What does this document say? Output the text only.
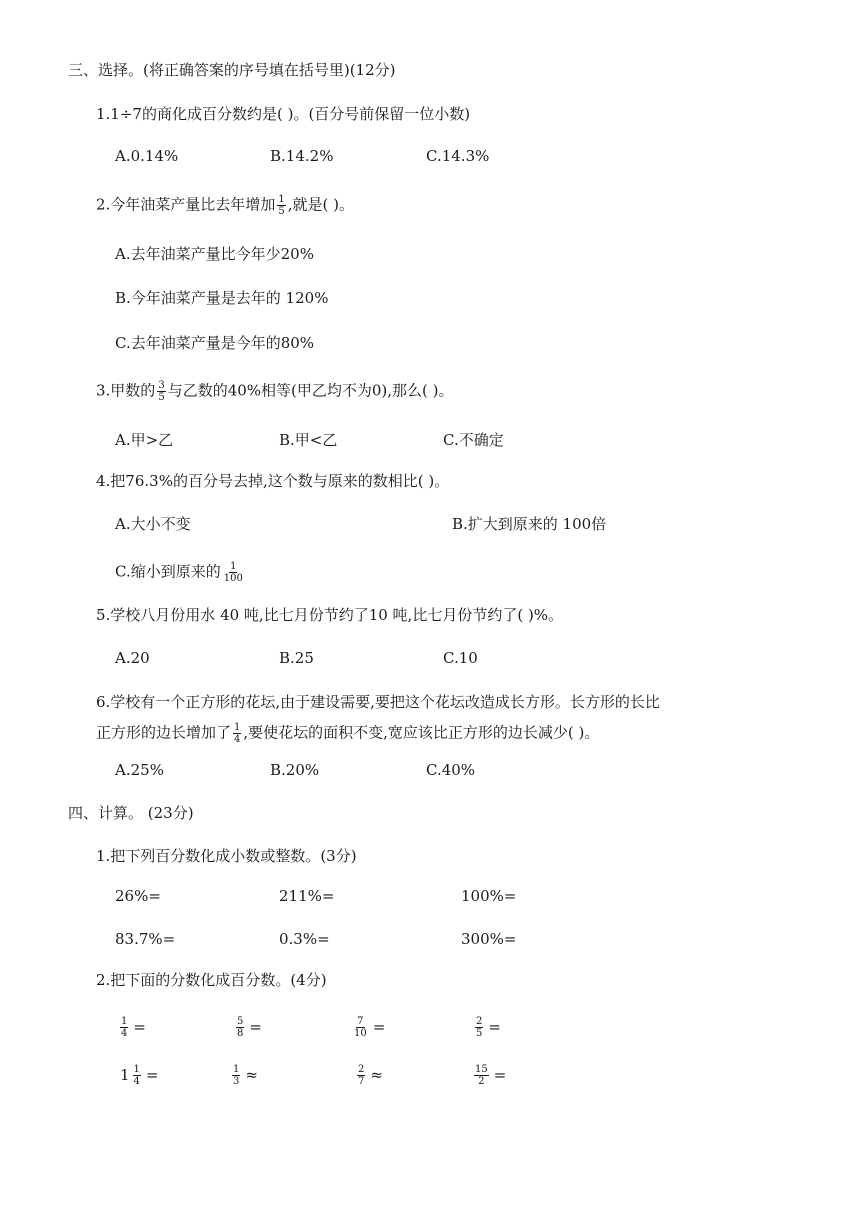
三、选择。(将正确答案的序号填在括号里)(12分)
1.1÷7的商化成百分数约是( )。(百分号前保留一位小数)
A.0.14%	B.14.2%	C.14.3%
2.今年油菜产量比去年增加 $\frac{1}{5}$ ,就是( )。
A.去年油菜产量比今年少20%
B.今年油菜产量是去年的 120%
C.去年油菜产量是今年的80%
3.甲数的 $\frac{3}{5}$ 与乙数的40%相等(甲乙均不为0),那么( )。
A.甲>乙	B.甲<乙	C.不确定
4.把76.3%的百分号去掉,这个数与原来的数相比( )。
A.大小不变	B.扩大到原来的 100倍
C.缩小到原来的 $\frac{1}{100}$
5.学校八月份用水 40 吨,比七月份节约了10 吨,比七月份节约了( )%。
A.20	B.25	C.10
6.学校有一个正方形的花坛,由于建设需要,要把这个花坛改造成长方形。长方形的长比
正方形的边长增加了 $\frac{1}{4}$ ,要使花坛的面积不变,宽应该比正方形的边长减少( )。
A.25%	B.20%	C.40%
四、计算。 (23分)
1.把下列百分数化成小数或整数。(3分)
26%=	211%=	100%=
83.7%=	0.3%=	300%=
2.把下面的分数化成百分数。(4分)
$\frac{1}{4}$ =	$\frac{5}{8}$ =	$\frac{7}{10}$ =	$\frac{2}{5}$ =
$1 \frac{1}{4}$ =	$\frac{1}{3}$ ≈	$\frac{2}{7}$ ≈	$\frac{15}{2}$ =
